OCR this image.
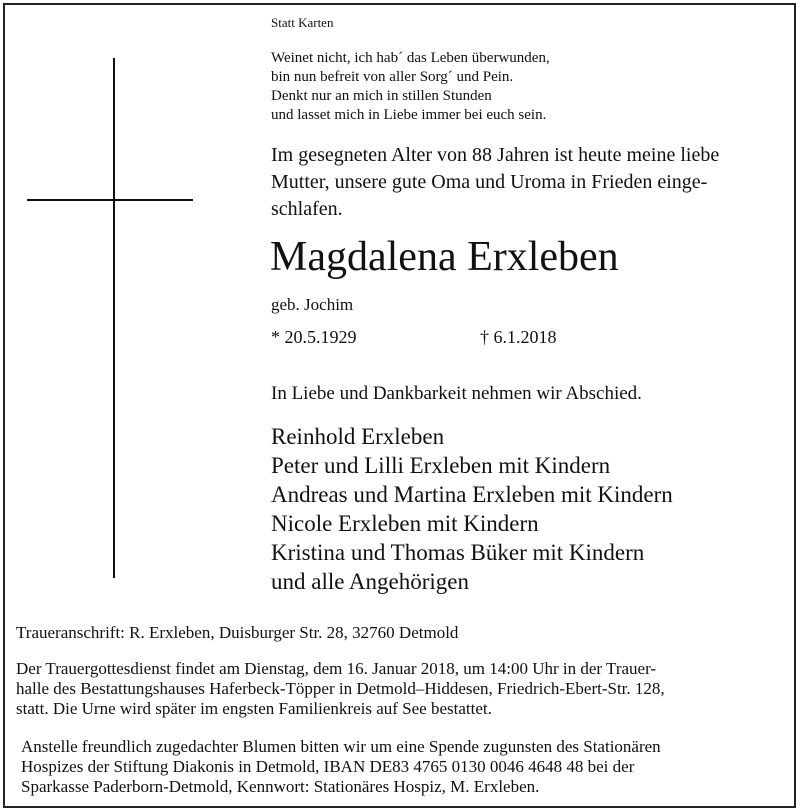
Statt Karten
Weinet nicht, ich hab´ das Leben überwunden,
bin nun befreit von aller Sorg´ und Pein.
Denkt nur an mich in stillen Stunden
und lasset mich in Liebe immer bei euch sein.
Im gesegneten Alter von 88 Jahren ist heute meine liebe
Mutter, unsere gute Oma und Uroma in Frieden einge-
schlafen.
Magdalena Erxleben
geb. Jochim
* 20.5.1929	† 6.1.2018
In Liebe und Dankbarkeit nehmen wir Abschied.
Reinhold Erxleben
Peter und Lilli Erxleben mit Kindern
Andreas und Martina Erxleben mit Kindern
Nicole Erxleben mit Kindern
Kristina und Thomas Büker mit Kindern
und alle Angehörigen
Traueranschrift: R. Erxleben, Duisburger Str. 28, 32760 Detmold
Der Trauergottesdienst findet am Dienstag, dem 16. Januar 2018, um 14:00 Uhr in der Trauer-
halle des Bestattungshauses Haferbeck-Töpper in Detmold–Hiddesen, Friedrich-Ebert-Str. 128,
statt. Die Urne wird später im engsten Familienkreis auf See bestattet.
Anstelle freundlich zugedachter Blumen bitten wir um eine Spende zugunsten des Stationären
Hospizes der Stiftung Diakonis in Detmold, IBAN DE83 4765 0130 0046 4648 48 bei der
Sparkasse Paderborn-Detmold, Kennwort: Stationäres Hospiz, M. Erxleben.
